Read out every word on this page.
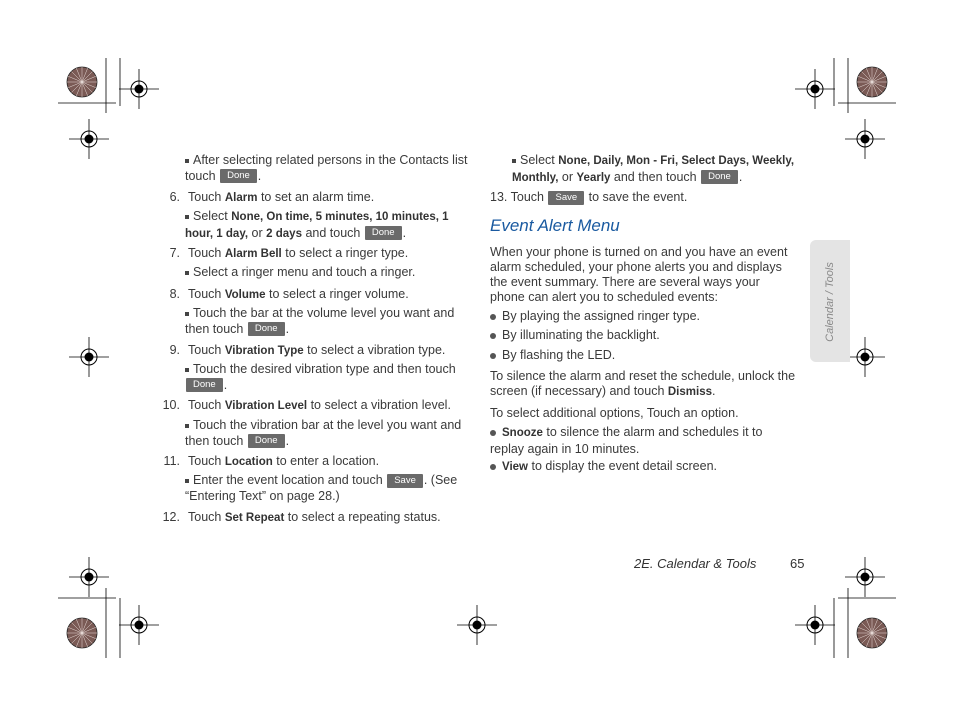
After selecting related persons in the Contacts list touch Done .
6. Touch Alarm to set an alarm time.
Select None, On time, 5 minutes, 10 minutes, 1 hour, 1 day, or 2 days and touch Done .
7. Touch Alarm Bell to select a ringer type.
Select a ringer menu and touch a ringer.
8. Touch Volume to select a ringer volume.
Touch the bar at the volume level you want and then touch Done .
9. Touch Vibration Type to select a vibration type.
Touch the desired vibration type and then touch Done .
10. Touch Vibration Level to select a vibration level.
Touch the vibration bar at the level you want and then touch Done .
11. Touch Location to enter a location.
Enter the event location and touch Save . (See “Entering Text” on page 28.)
12. Touch Set Repeat to select a repeating status.
Select None, Daily, Mon - Fri, Select Days, Weekly, Monthly, or Yearly and then touch Done .
13. Touch Save to save the event.
Event Alert Menu
When your phone is turned on and you have an event alarm scheduled, your phone alerts you and displays the event summary. There are several ways your phone can alert you to scheduled events:
By playing the assigned ringer type.
By illuminating the backlight.
By flashing the LED.
To silence the alarm and reset the schedule, unlock the screen (if necessary) and touch Dismiss.
To select additional options, Touch an option.
Snooze to silence the alarm and schedules it to replay again in 10 minutes.
View to display the event detail screen.
Calendar / Tools
2E. Calendar & Tools	65
